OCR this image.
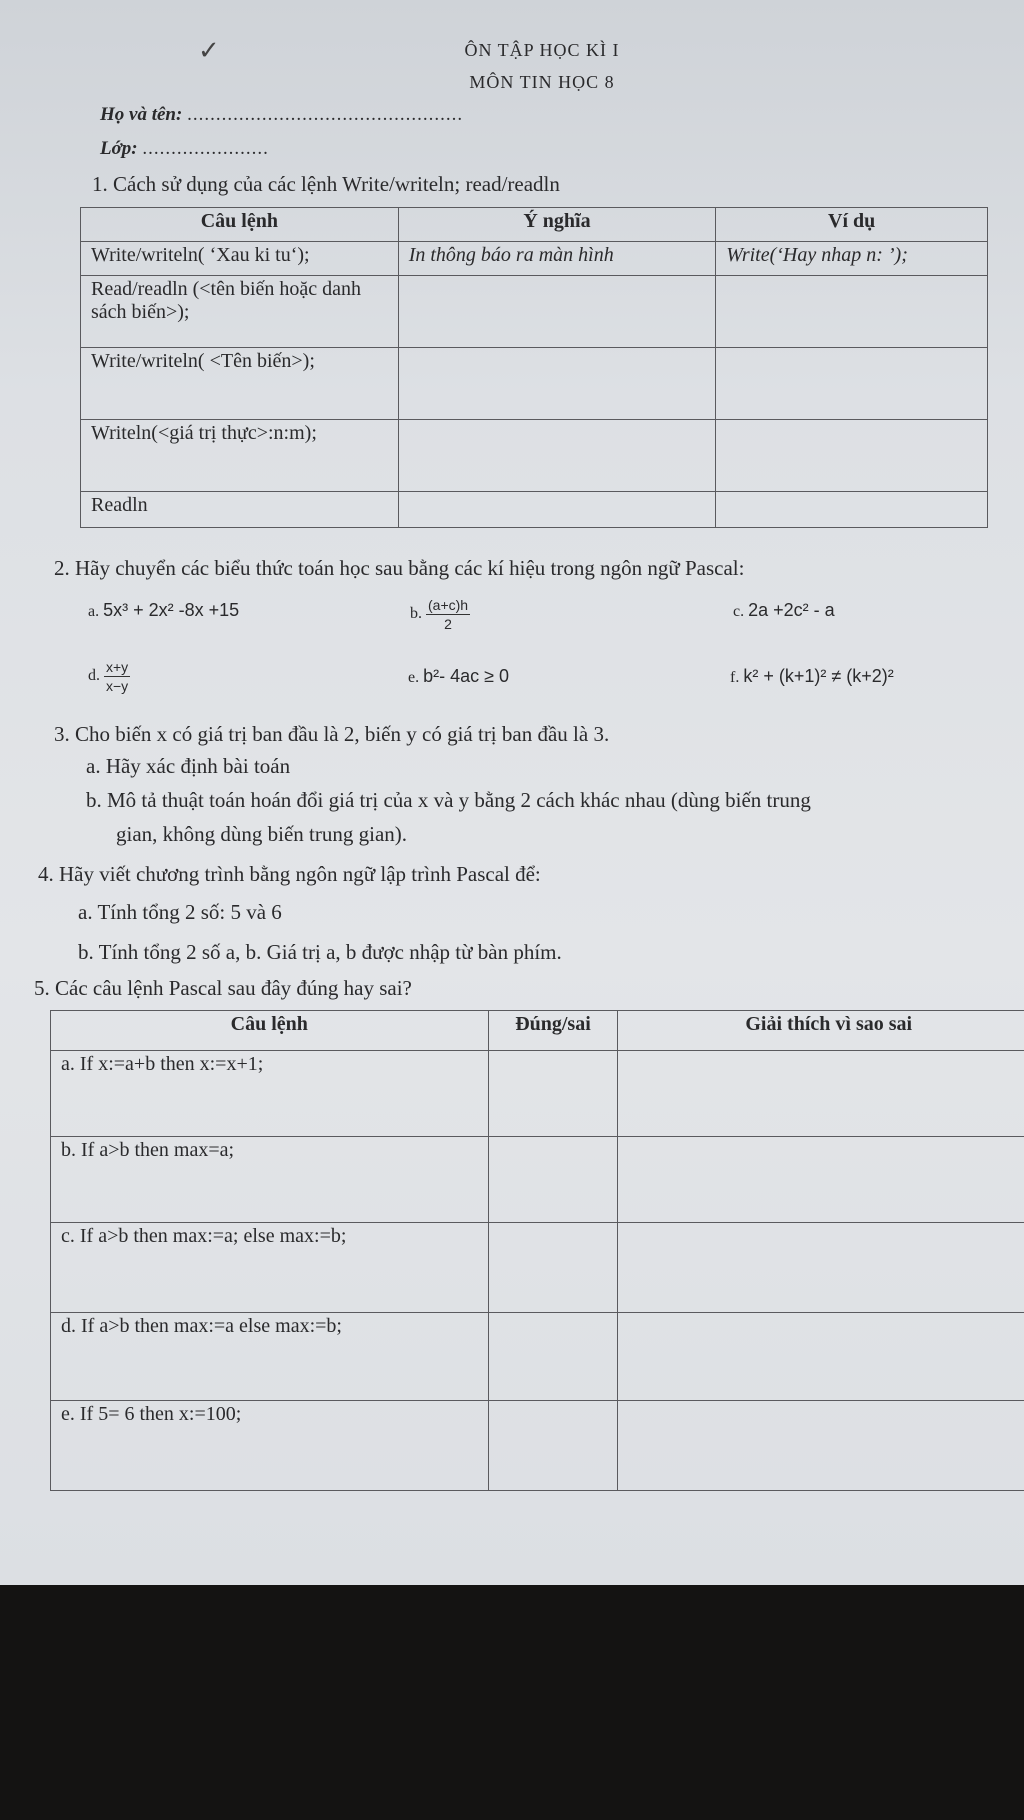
✓	ÔN TẬP HỌC KÌ I
MÔN TIN HỌC 8
Họ và tên: ................................................
Lớp: ......................
1. Cách sử dụng của các lệnh Write/writeln; read/readln
Câu lệnh	Ý nghĩa	Ví dụ
Write/writeln( ‘Xau ki tu‘);	In thông báo ra màn hình	Write(‘Hay nhap n: ’);
Read/readln (<tên biến hoặc danh sách biến>);		
Write/writeln( <Tên biến>);		
Writeln(<giá trị thực>:n:m);		
Readln		
2. Hãy chuyển các biểu thức toán học sau bằng các kí hiệu trong ngôn ngữ Pascal:
a. 5x³ + 2x² -8x +15	b. $\frac{(a+c)h}{2}$	c. 2a +2c² - a
d. $\frac{x+y}{x-y}$	e. b²- 4ac ≥ 0	f. k² + (k+1)² ≠ (k+2)²
3. Cho biến x có giá trị ban đầu là 2, biến y có giá trị ban đầu là 3.
a. Hãy xác định bài toán
b. Mô tả thuật toán hoán đổi giá trị của x và y bằng 2 cách khác nhau (dùng biến trung
gian, không dùng biến trung gian).
4. Hãy viết chương trình bằng ngôn ngữ lập trình Pascal để:
a. Tính tổng 2 số: 5 và 6
b. Tính tổng 2 số a, b. Giá trị a, b được nhập từ bàn phím.
5. Các câu lệnh Pascal sau đây đúng hay sai?
Câu lệnh	Đúng/sai	Giải thích vì sao sai
a. If x:=a+b then x:=x+1;		
b. If a>b then max=a;		
c. If a>b then max:=a; else max:=b;		
d. If a>b then max:=a else max:=b;		
e. If 5= 6 then x:=100;		
